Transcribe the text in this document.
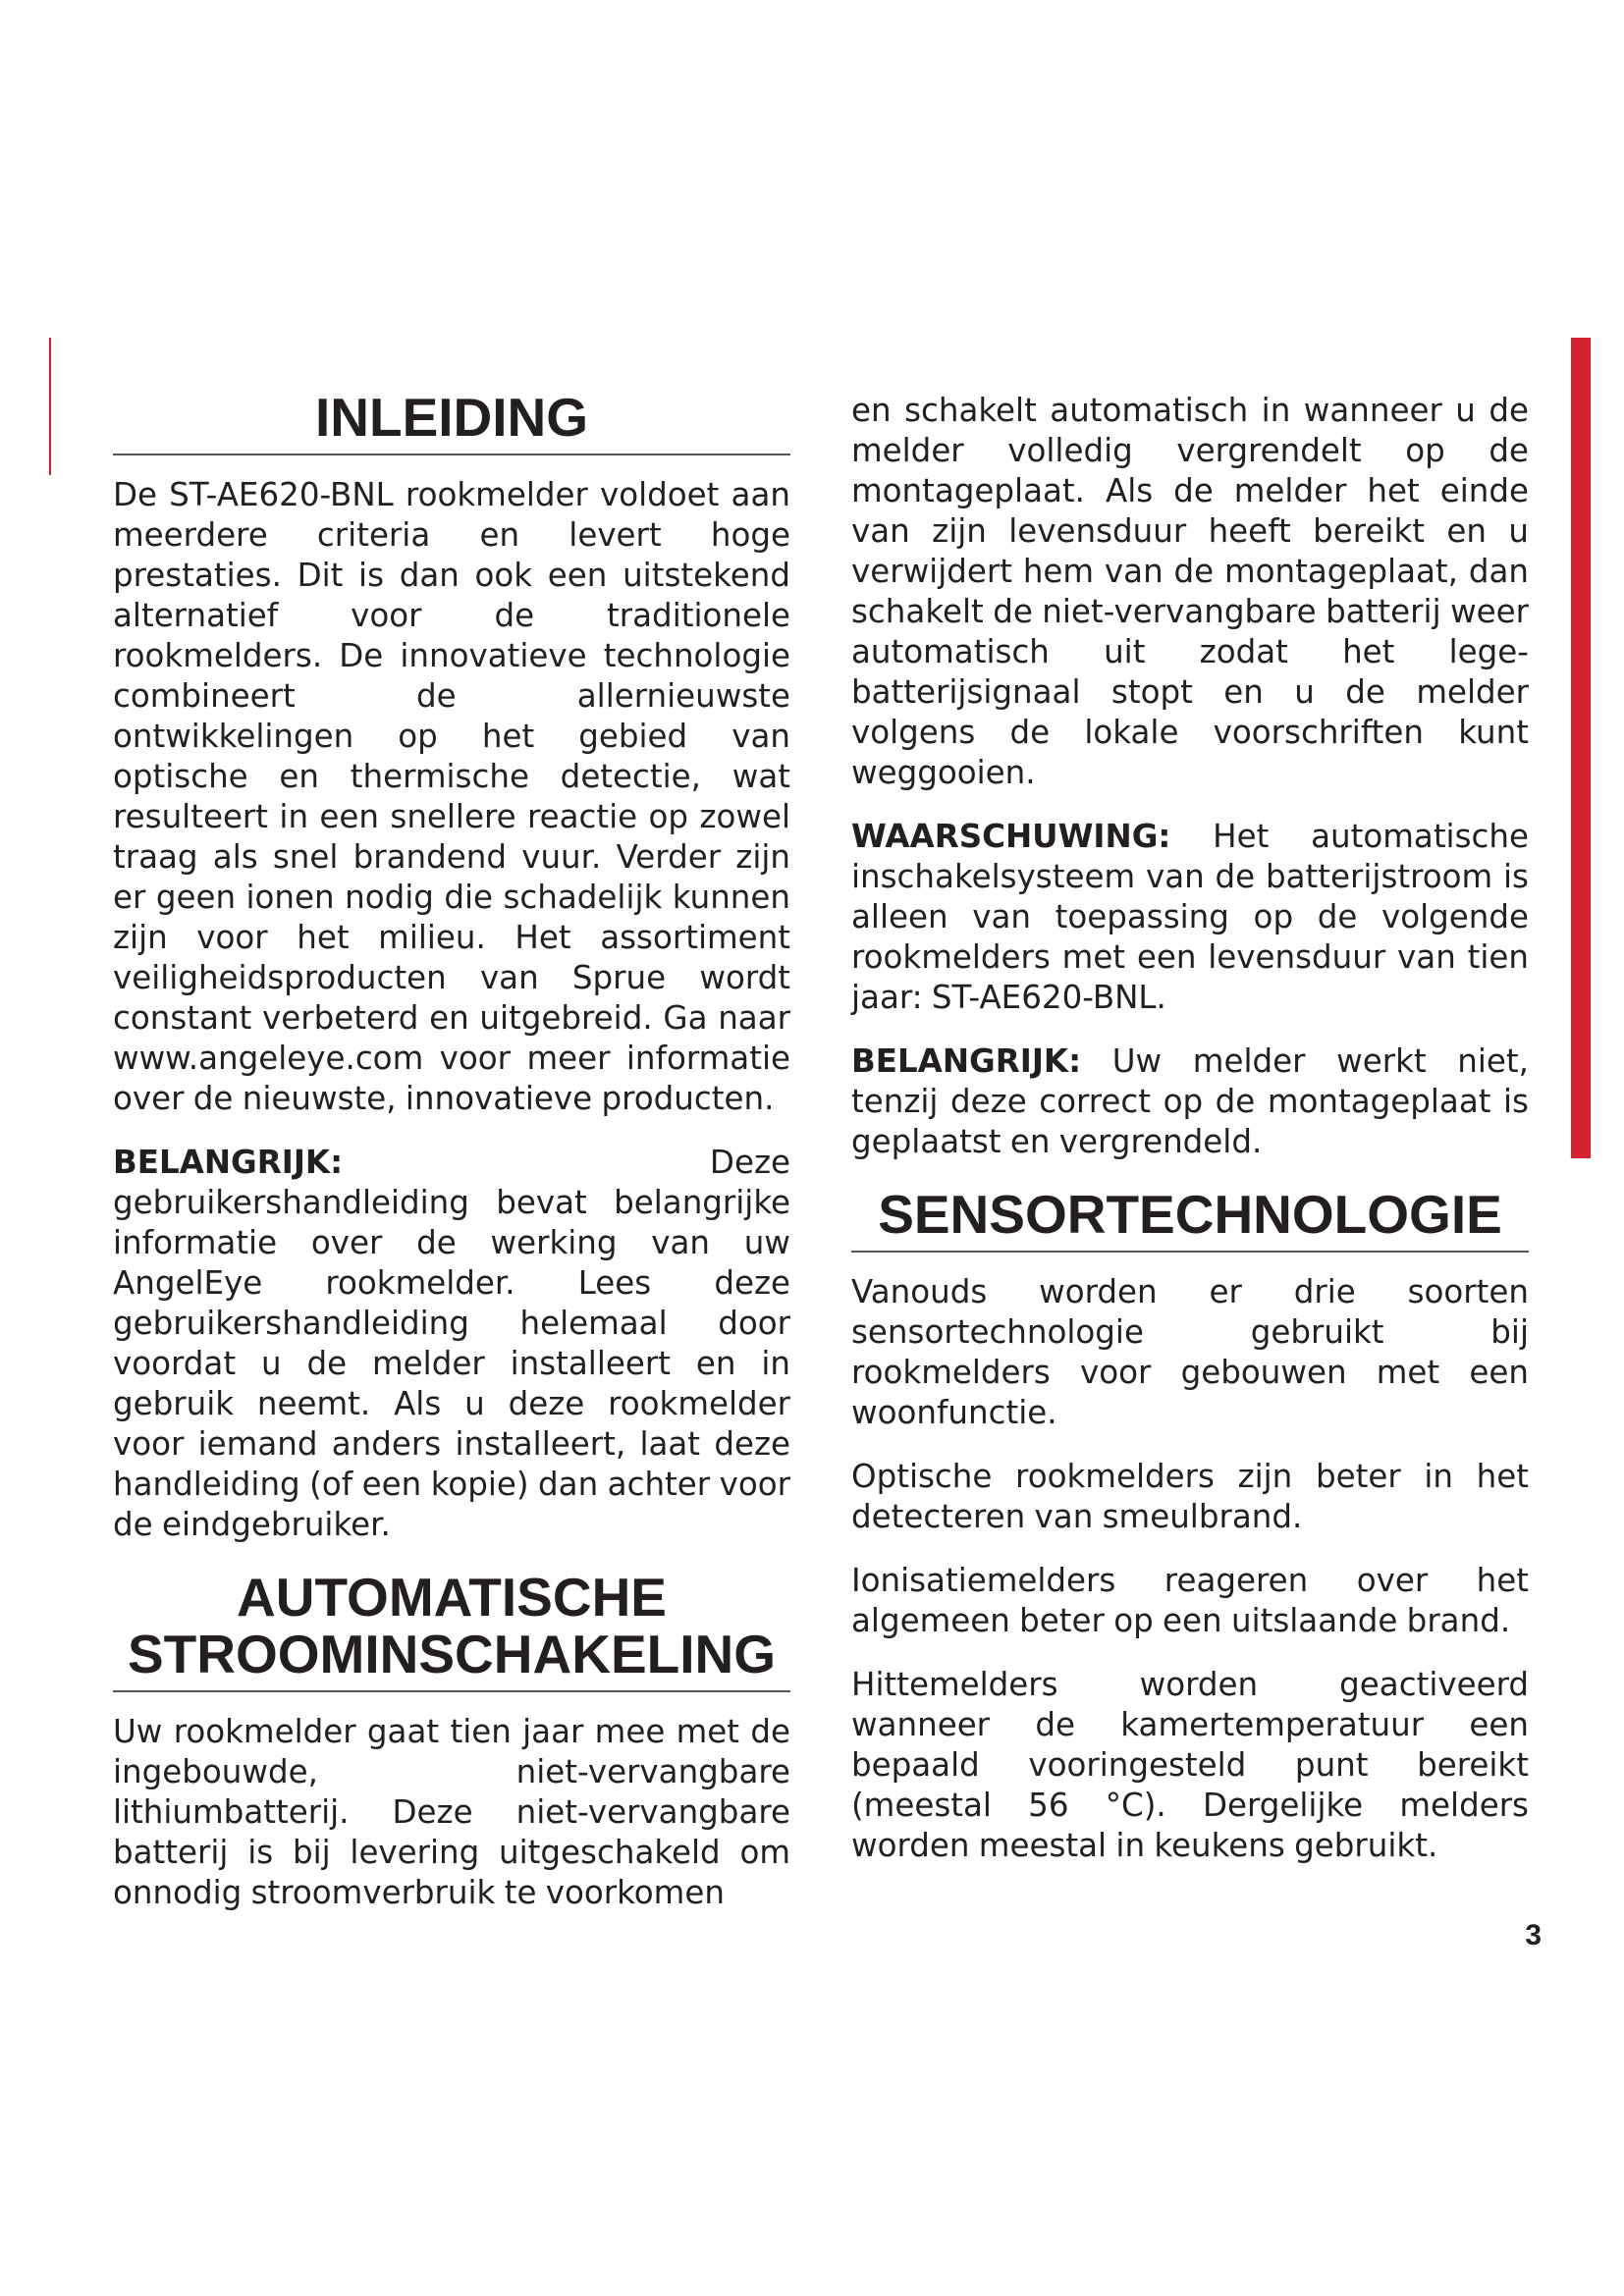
INLEIDING

De ST-AE620-BNL rookmelder voldoet aan meerdere criteria en levert hoge prestaties. Dit is dan ook een uitstekend alternatief voor de traditionele rookmelders. De innovatieve technologie combineert de allernieuwste ontwikkelingen op het gebied van optische en thermische detectie, wat resulteert in een snellere reactie op zowel traag als snel brandend vuur. Verder zijn er geen ionen nodig die schadelijk kunnen zijn voor het milieu. Het assortiment veiligheidsproducten van Sprue wordt constant verbeterd en uitgebreid. Ga naar www.angeleye.com voor meer informatie over de nieuwste, innovatieve producten.

BELANGRIJK: Deze gebruikershandleiding bevat belangrijke informatie over de werking van uw AngelEye rookmelder. Lees deze gebruikershandleiding helemaal door voordat u de melder installeert en in gebruik neemt. Als u deze rookmelder voor iemand anders installeert, laat deze handleiding (of een kopie) dan achter voor de eindgebruiker.

AUTOMATISCHE
STROOMINSCHAKELING

Uw rookmelder gaat tien jaar mee met de ingebouwde, niet-vervangbare lithiumbatterij. Deze niet-vervangbare batterij is bij levering uitgeschakeld om onnodig stroomverbruik te voorkomen

en schakelt automatisch in wanneer u de melder volledig vergrendelt op de montageplaat. Als de melder het einde van zijn levensduur heeft bereikt en u verwijdert hem van de montageplaat, dan schakelt de niet-vervangbare batterij weer automatisch uit zodat het lege-batterijsignaal stopt en u de melder volgens de lokale voorschriften kunt weggooien.

WAARSCHUWING: Het automatische inschakelsysteem van de batterijstroom is alleen van toepassing op de volgende rookmelders met een levensduur van tien jaar: ST-AE620-BNL.

BELANGRIJK: Uw melder werkt niet, tenzij deze correct op de montageplaat is geplaatst en vergrendeld.

SENSORTECHNOLOGIE

Vanouds worden er drie soorten sensortechnologie gebruikt bij rookmelders voor gebouwen met een woonfunctie.

Optische rookmelders zijn beter in het detecteren van smeulbrand.

Ionisatiemelders reageren over het algemeen beter op een uitslaande brand.

Hittemelders worden geactiveerd wanneer de kamertemperatuur een bepaald vooringesteld punt bereikt (meestal 56 °C). Dergelijke melders worden meestal in keukens gebruikt.

3
